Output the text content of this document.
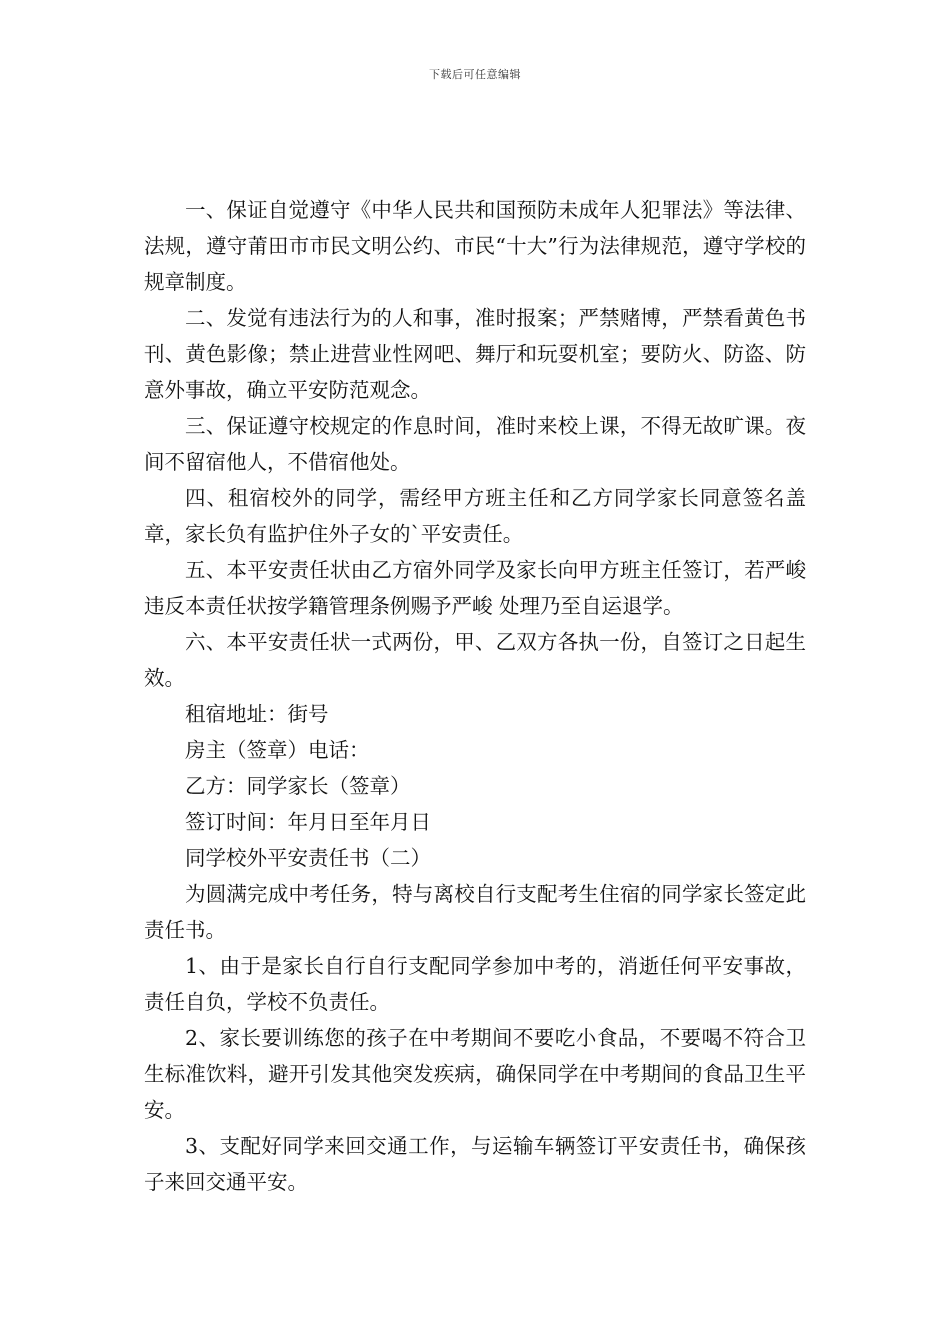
下载后可任意编辑

一、保证自觉遵守《中华人民共和国预防未成年人犯罪法》等法律、法规，遵守莆田市市民文明公约、市民“十大”行为法律规范，遵守学校的规章制度。

二、发觉有违法行为的人和事，准时报案；严禁赌博，严禁看黄色书刊、黄色影像；禁止进营业性网吧、舞厅和玩耍机室；要防火、防盗、防意外事故，确立平安防范观念。

三、保证遵守校规定的作息时间，准时来校上课，不得无故旷课。夜间不留宿他人，不借宿他处。

四、租宿校外的同学，需经甲方班主任和乙方同学家长同意签名盖章，家长负有监护住外子女的`平安责任。

五、本平安责任状由乙方宿外同学及家长向甲方班主任签订，若严峻违反本责任状按学籍管理条例赐予严峻 处理乃至自运退学。

六、本平安责任状一式两份，甲、乙双方各执一份，自签订之日起生效。

租宿地址：街号

房主（签章）电话：

乙方：同学家长（签章）

签订时间：年月日至年月日

同学校外平安责任书（二）

为圆满完成中考任务，特与离校自行支配考生住宿的同学家长签定此责任书。

1、由于是家长自行自行支配同学参加中考的，消逝任何平安事故，责任自负，学校不负责任。

2、家长要训练您的孩子在中考期间不要吃小食品，不要喝不符合卫生标准饮料，避开引发其他突发疾病，确保同学在中考期间的食品卫生平安。

3、支配好同学来回交通工作，与运输车辆签订平安责任书，确保孩子来回交通平安。
